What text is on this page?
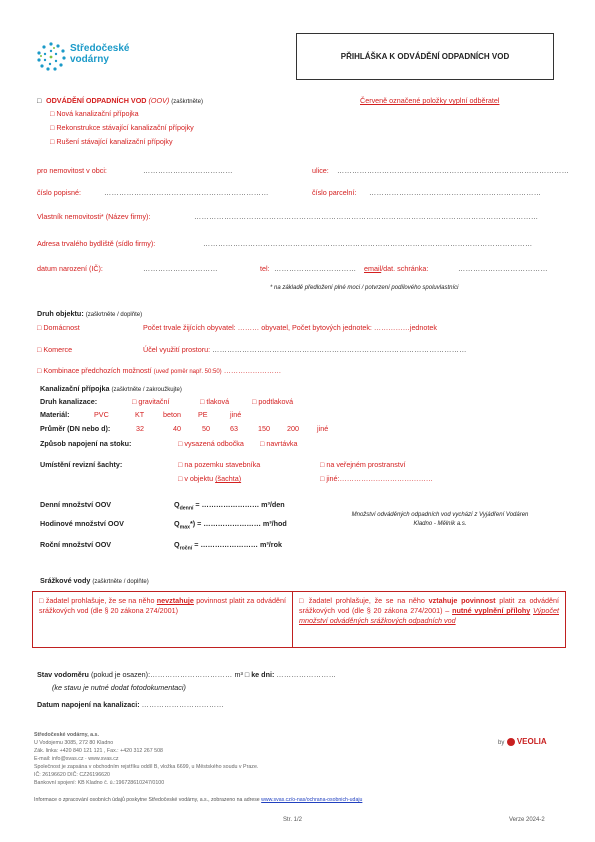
Středočeské
vodárny	PŘIHLÁŠKA K ODVÁDĚNÍ ODPADNÍCH VOD
□ ODVÁDĚNÍ ODPADNÍCH VOD (OOV) (zaškrtněte)	Červeně označené položky vyplní odběratel
□ Nová kanalizační přípojka
□ Rekonstrukce stávající kanalizační přípojky
□ Rušení stávající kanalizační přípojky
pro nemovitost v obci:	………………………………	ulice: …………………………………………………………………………………
číslo popisné:	…………………………………………………………	číslo parcelní: ……………………………………………………………
Vlastník nemovitosti* (Název firmy):	…………………………………………………………………………………………………………………………
Adresa trvalého bydliště (sídlo firmy):	……………………………………………………………………………………………………………………
datum narození (IČ):	…………………………	tel: …………………………… email/dat. schránka:	………………………………
* na základě předložení plné moci / potvrzení podílového spoluvlastníci
Druh objektu: (zaškrtněte / doplňte)
□ Domácnost	Počet trvale žijících obyvatel: ……… obyvatel, Počet bytových jednotek: ……………jednotek
□ Komerce	Účel využití prostoru: …………………………………………………………………………………………
□ Kombinace předchozích možností (uveď poměr např. 50:50) ……………………
Kanalizační přípojka (zaškrtněte / zakroužkujte)
Druh kanalizace:	□ gravitační	□ tlaková	□ podtlaková
Materiál:	PVC	KT	beton PE	jiné
Průměr (DN nebo d):	32	40	50	63	150 200	jiné
Způsob napojení na stoku:	□ vysazená odbočka □ navrtávka
Umístění revizní šachty:	□ na pozemku stavebníka	□ na veřejném prostranství
□ v objektu (šachta)	□ jiné:…………………………………
Denní množství OOV	$Q_{denní}$ = …………………… m³/den
Hodinové množství OOV	$Q_{max}*$) = …………………… m³/hod
Roční množství OOV	$Q_{roční}$ = …………………… m³/rok
Množství odváděných odpadních vod vychází z Vyjádření Vodáren Kladno - Mělník a.s.
Srážkové vody (zaškrtněte / doplňte)
□ žadatel prohlašuje, že se na něho nevztahuje povinnost platit za odvádění srážkových vod (dle § 20 zákona 274/2001)
□ žadatel prohlašuje, že se na něho vztahuje povinnost platit za odvádění srážkových vod (dle § 20 zákona 274/2001) – nutné vyplnění přílohy Výpočet množství odváděných srážkových odpadních vod
Stav vodoměru (pokud je osazen):…………………………… m³ □ ke dni: ……………………
(ke stavu je nutné dodat fotodokumentaci)
Datum napojení na kanalizaci: ……………………………
Středočeské vodárny, a.s.
U Vodojemu 3085, 272 80 Kladno
Zák. linka: +420 840 121 121 , Fax.: +420 312 267 508
E-mail: info@svas.cz · www.svas.cz
Společnost je zapsána v obchodním rejstříku oddíl B, vložka 6699, u Městského soudu v Praze.
IČ: 26196620 DIČ: CZ26196620
Bankovní spojení: KB Kladno č. ú.:196728610247/0100
by VEOLIA
Informace o zpracování osobních údajů poskytne Středočeské vodárny, a.s., zobrazeno na adrese www.svas.cz/o-nas/ochrana-osobnich-udaju
Str. 1/2	Verze 2024-2
